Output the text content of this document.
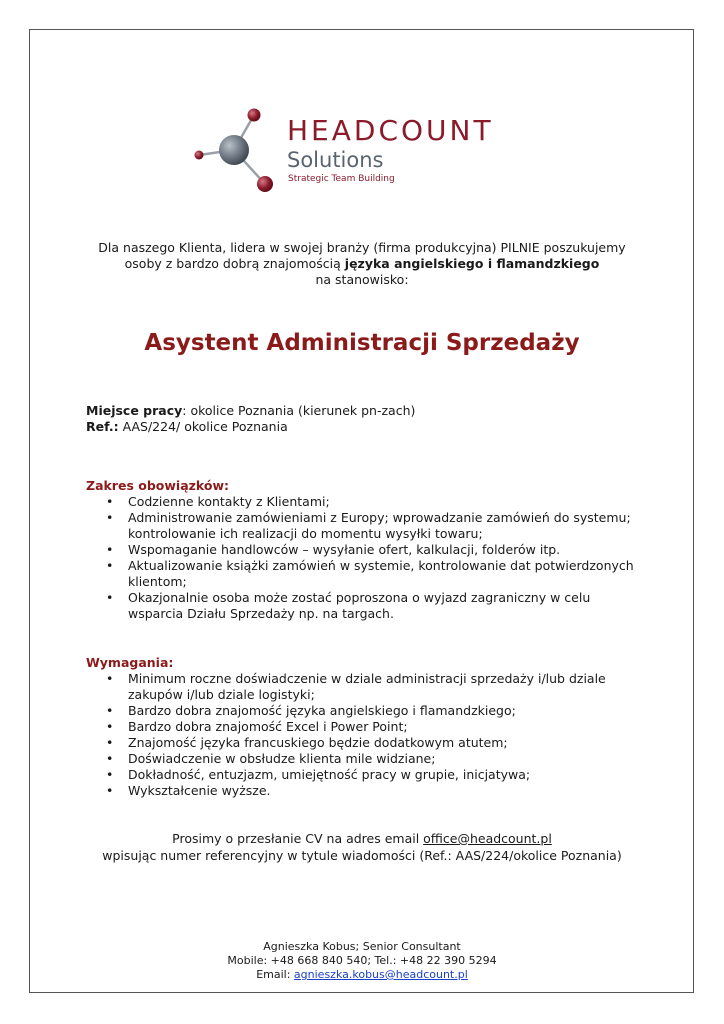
HEADCOUNT
Solutions
Strategic Team Building
Dla naszego Klienta, lidera w swojej branży (firma produkcyjna) PILNIE poszukujemy
osoby z bardzo dobrą znajomością języka angielskiego i flamandzkiego
na stanowisko:
Asystent Administracji Sprzedaży
Miejsce pracy: okolice Poznania (kierunek pn-zach)
Ref.: AAS/224/ okolice Poznania
Zakres obowiązków:
• Codzienne kontakty z Klientami;
• Administrowanie zamówieniami z Europy; wprowadzanie zamówień do systemu; kontrolowanie ich realizacji do momentu wysyłki towaru;
• Wspomaganie handlowców – wysyłanie ofert, kalkulacji, folderów itp.
• Aktualizowanie książki zamówień w systemie, kontrolowanie dat potwierdzonych klientom;
• Okazjonalnie osoba może zostać poproszona o wyjazd zagraniczny w celu wsparcia Działu Sprzedaży np. na targach.
Wymagania:
• Minimum roczne doświadczenie w dziale administracji sprzedaży i/lub dziale zakupów i/lub dziale logistyki;
• Bardzo dobra znajomość języka angielskiego i flamandzkiego;
• Bardzo dobra znajomość Excel i Power Point;
• Znajomość języka francuskiego będzie dodatkowym atutem;
• Doświadczenie w obsłudze klienta mile widziane;
• Dokładność, entuzjazm, umiejętność pracy w grupie, inicjatywa;
• Wykształcenie wyższe.
Prosimy o przesłanie CV na adres email office@headcount.pl
wpisując numer referencyjny w tytule wiadomości (Ref.: AAS/224/okolice Poznania)
Agnieszka Kobus; Senior Consultant
Mobile: +48 668 840 540; Tel.: +48 22 390 5294
Email: agnieszka.kobus@headcount.pl
